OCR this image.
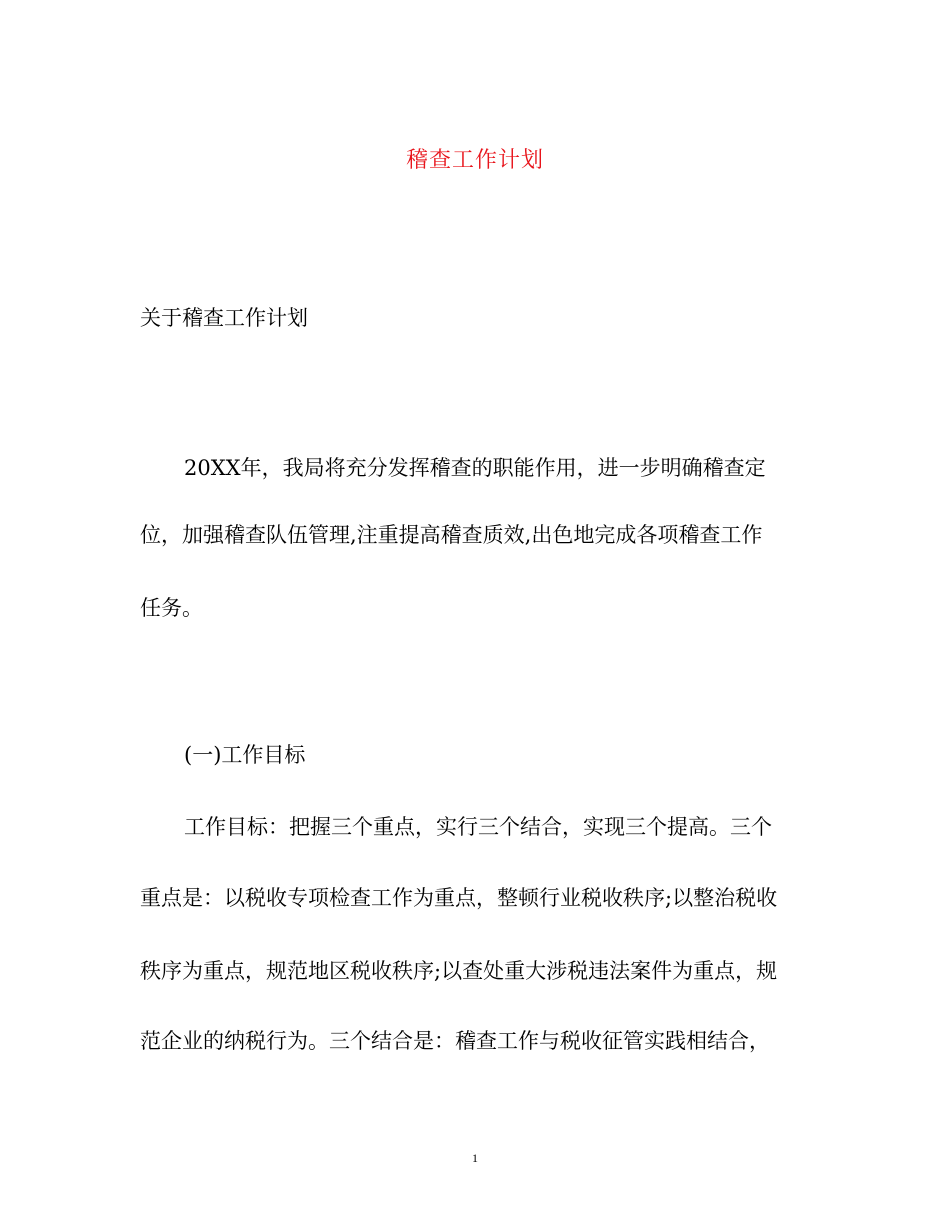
稽查工作计划
关于稽查工作计划
20XX年，我局将充分发挥稽查的职能作用，进一步明确稽查定
位，加强稽查队伍管理,注重提高稽查质效,出色地完成各项稽查工作
任务。
(一)工作目标
工作目标：把握三个重点，实行三个结合，实现三个提高。三个
重点是：以税收专项检查工作为重点，整顿行业税收秩序;以整治税收
秩序为重点，规范地区税收秩序;以查处重大涉税违法案件为重点，规
范企业的纳税行为。三个结合是：稽查工作与税收征管实践相结合，
1
